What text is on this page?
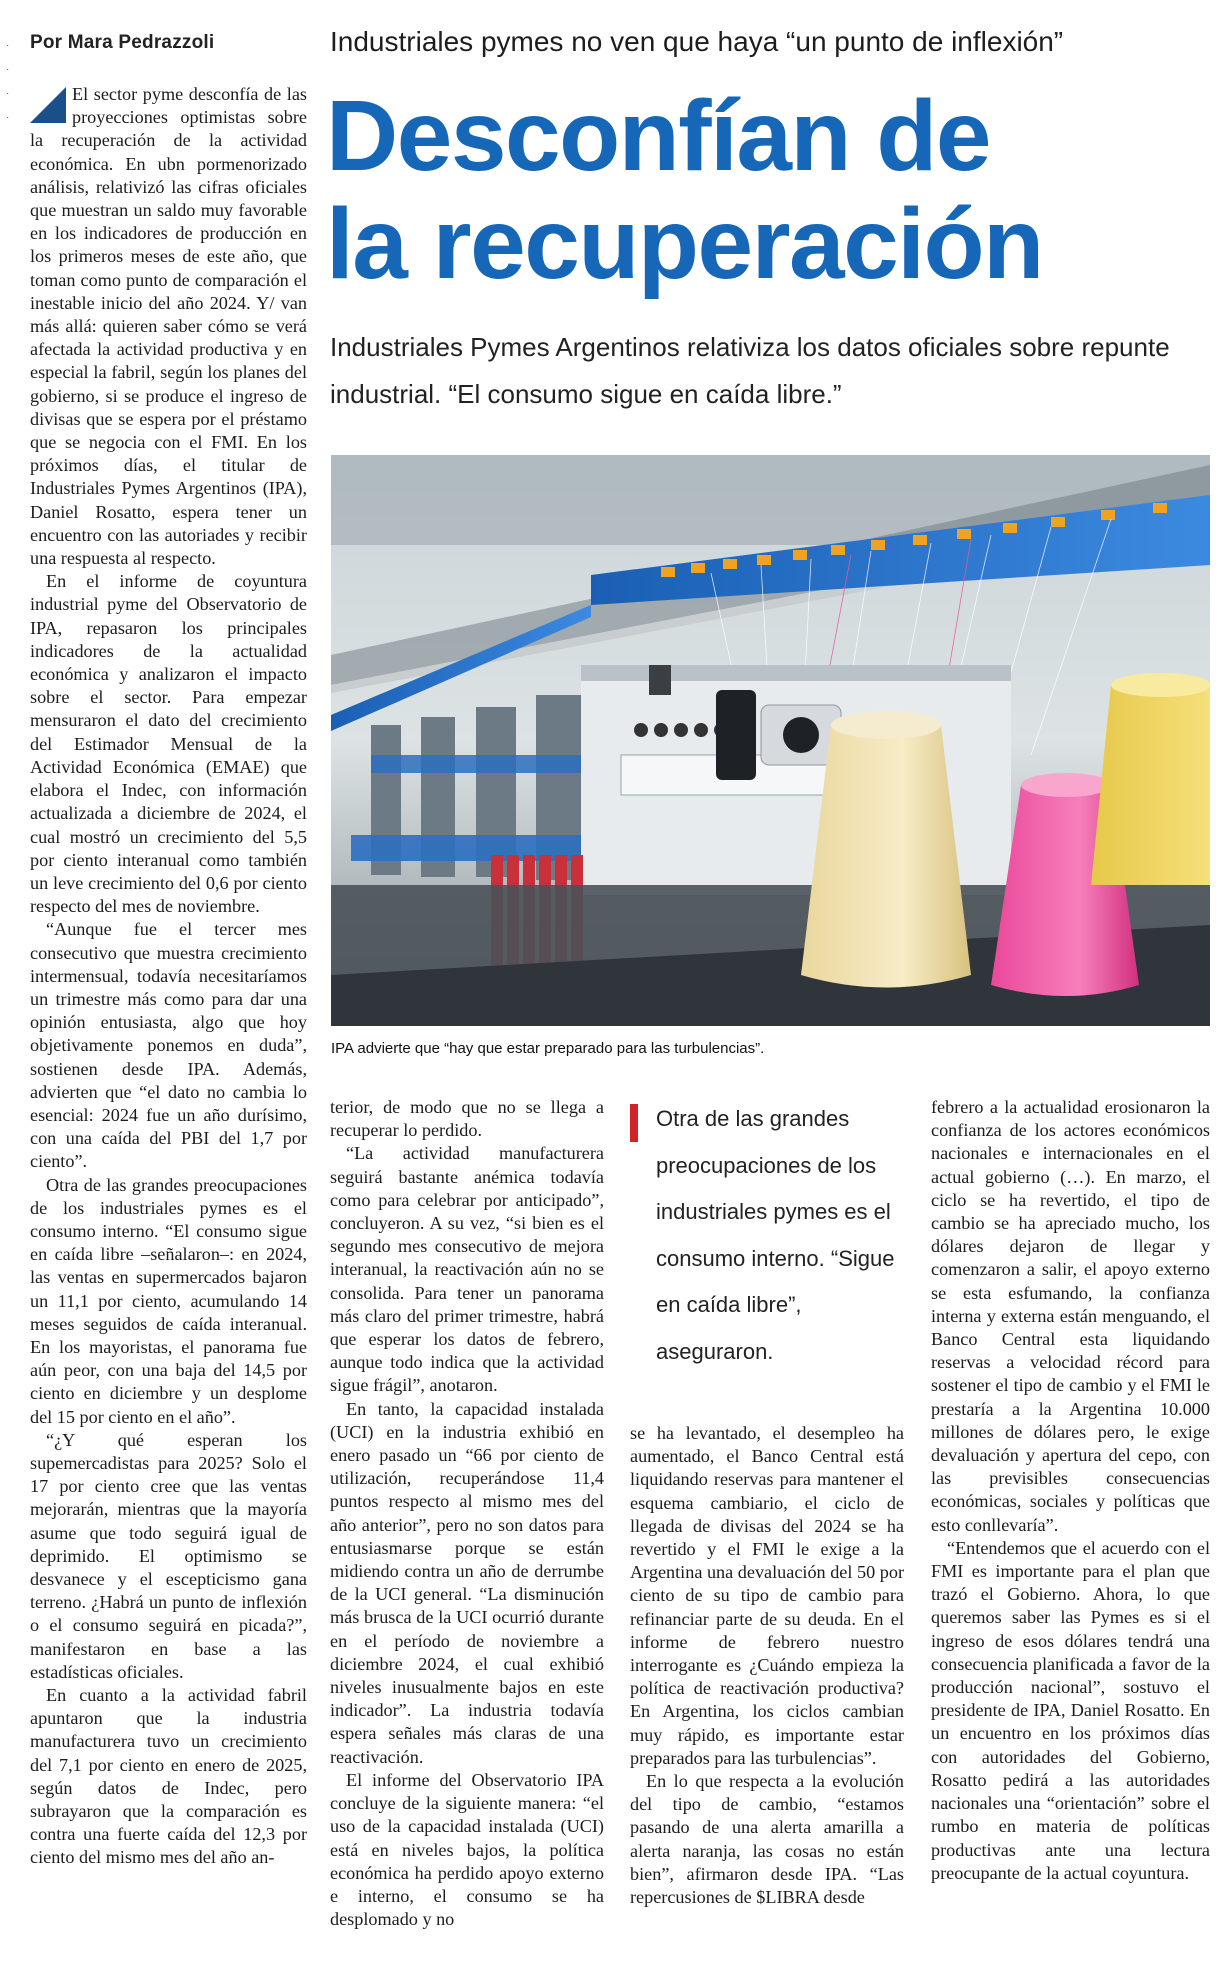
·
·
·
·
Por Mara Pedrazzoli	Industriales pymes no ven que haya “un punto de inflexión”
Desconfían de
la recuperación
Industriales Pymes Argentinos relativiza los datos oficiales sobre repunte industrial. “El consumo sigue en caída libre.”
IPA advierte que “hay que estar preparado para las turbulencias”.

El sector pyme desconfía de las proyecciones optimistas sobre la recuperación de la actividad económica. En ubn pormenorizado análisis, relativizó las cifras oficiales que muestran un saldo muy favorable en los indicadores de producción en los primeros meses de este año, que toman como punto de comparación el inestable inicio del año 2024. Y/ van más allá: quieren saber cómo se verá afectada la actividad productiva y en especial la fabril, según los planes del gobierno, si se produce el ingreso de divisas que se espera por el préstamo que se negocia con el FMI. En los próximos días, el titular de Industriales Pymes Argentinos (IPA), Daniel Rosatto, espera tener un encuentro con las autoriades y recibir una respuesta al respecto.

En el informe de coyuntura industrial pyme del Observatorio de IPA, repasaron los principales indicadores de la actualidad económica y analizaron el impacto sobre el sector. Para empezar mensuraron el dato del crecimiento del Estimador Mensual de la Actividad Económica (EMAE) que elabora el Indec, con información actualizada a diciembre de 2024, el cual mostró un crecimiento del 5,5 por ciento interanual como también un leve crecimiento del 0,6 por ciento respecto del mes de noviembre.

“Aunque fue el tercer mes consecutivo que muestra crecimiento intermensual, todavía necesitaríamos un trimestre más como para dar una opinión entusiasta, algo que hoy objetivamente ponemos en duda”, sostienen desde IPA. Además, advierten que “el dato no cambia lo esencial: 2024 fue un año durísimo, con una caída del PBI del 1,7 por ciento”.

Otra de las grandes preocupaciones de los industriales pymes es el consumo interno. “El consumo sigue en caída libre –señalaron–: en 2024, las ventas en supermercados bajaron un 11,1 por ciento, acumulando 14 meses seguidos de caída interanual. En los mayoristas, el panorama fue aún peor, con una baja del 14,5 por ciento en diciembre y un desplome del 15 por ciento en el año”.

“¿Y qué esperan los supemercadistas para 2025? Solo el 17 por ciento cree que las ventas mejorarán, mientras que la mayoría asume que todo seguirá igual de deprimido. El optimismo se desvanece y el escepticismo gana terreno. ¿Habrá un punto de inflexión o el consumo seguirá en picada?”, manifestaron en base a las estadísticas oficiales.

En cuanto a la actividad fabril apuntaron que la industria manufacturera tuvo un crecimiento del 7,1 por ciento en enero de 2025, según datos de Indec, pero subrayaron que la comparación es contra una fuerte caída del 12,3 por ciento del mismo mes del año an-

terior, de modo que no se llega a recuperar lo perdido.

“La actividad manufacturera seguirá bastante anémica todavía como para celebrar por anticipado”, concluyeron. A su vez, “si bien es el segundo mes consecutivo de mejora interanual, la reactivación aún no se consolida. Para tener un panorama más claro del primer trimestre, habrá que esperar los datos de febrero, aunque todo indica que la actividad sigue frágil”, anotaron.

En tanto, la capacidad instalada (UCI) en la industria exhibió en enero pasado un “66 por ciento de utilización, recuperándose 11,4 puntos respecto al mismo mes del año anterior”, pero no son datos para entusiasmarse porque se están midiendo contra un año de derrumbe de la UCI general. “La disminución más brusca de la UCI ocurrió durante en el período de noviembre a diciembre 2024, el cual exhibió niveles inusualmente bajos en este indicador”. La industria todavía espera señales más claras de una reactivación.

El informe del Observatorio IPA concluye de la siguiente manera: “el uso de la capacidad instalada (UCI) está en niveles bajos, la política económica ha perdido apoyo externo e interno, el consumo se ha desplomado y no

Otra de las grandes preocupaciones de los industriales pymes es el consumo interno. “Sigue en caída libre”, aseguraron.

se ha levantado, el desempleo ha aumentado, el Banco Central está liquidando reservas para mantener el esquema cambiario, el ciclo de llegada de divisas del 2024 se ha revertido y el FMI le exige a la Argentina una devaluación del 50 por ciento de su tipo de cambio para refinanciar parte de su deuda. En el informe de febrero nuestro interrogante es ¿Cuándo empieza la política de reactivación productiva? En Argentina, los ciclos cambian muy rápido, es importante estar preparados para las turbulencias”.

En lo que respecta a la evolución del tipo de cambio, “estamos pasando de una alerta amarilla a alerta naranja, las cosas no están bien”, afirmaron desde IPA. “Las repercusiones de $LIBRA desde

febrero a la actualidad erosionaron la confianza de los actores económicos nacionales e internacionales en el actual gobierno (…). En marzo, el ciclo se ha revertido, el tipo de cambio se ha apreciado mucho, los dólares dejaron de llegar y comenzaron a salir, el apoyo externo se esta esfumando, la confianza interna y externa están menguando, el Banco Central esta liquidando reservas a velocidad récord para sostener el tipo de cambio y el FMI le prestaría a la Argentina 10.000 millones de dólares pero, le exige devaluación y apertura del cepo, con las previsibles consecuencias económicas, sociales y políticas que esto conllevaría”.

“Entendemos que el acuerdo con el FMI es importante para el plan que trazó el Gobierno. Ahora, lo que queremos saber las Pymes es si el ingreso de esos dólares tendrá una consecuencia planificada a favor de la producción nacional”, sostuvo el presidente de IPA, Daniel Rosatto. En un encuentro en los próximos días con autoridades del Gobierno, Rosatto pedirá a las autoridades nacionales una “orientación” sobre el rumbo en materia de políticas productivas ante una lectura preocupante de la actual coyuntura.
